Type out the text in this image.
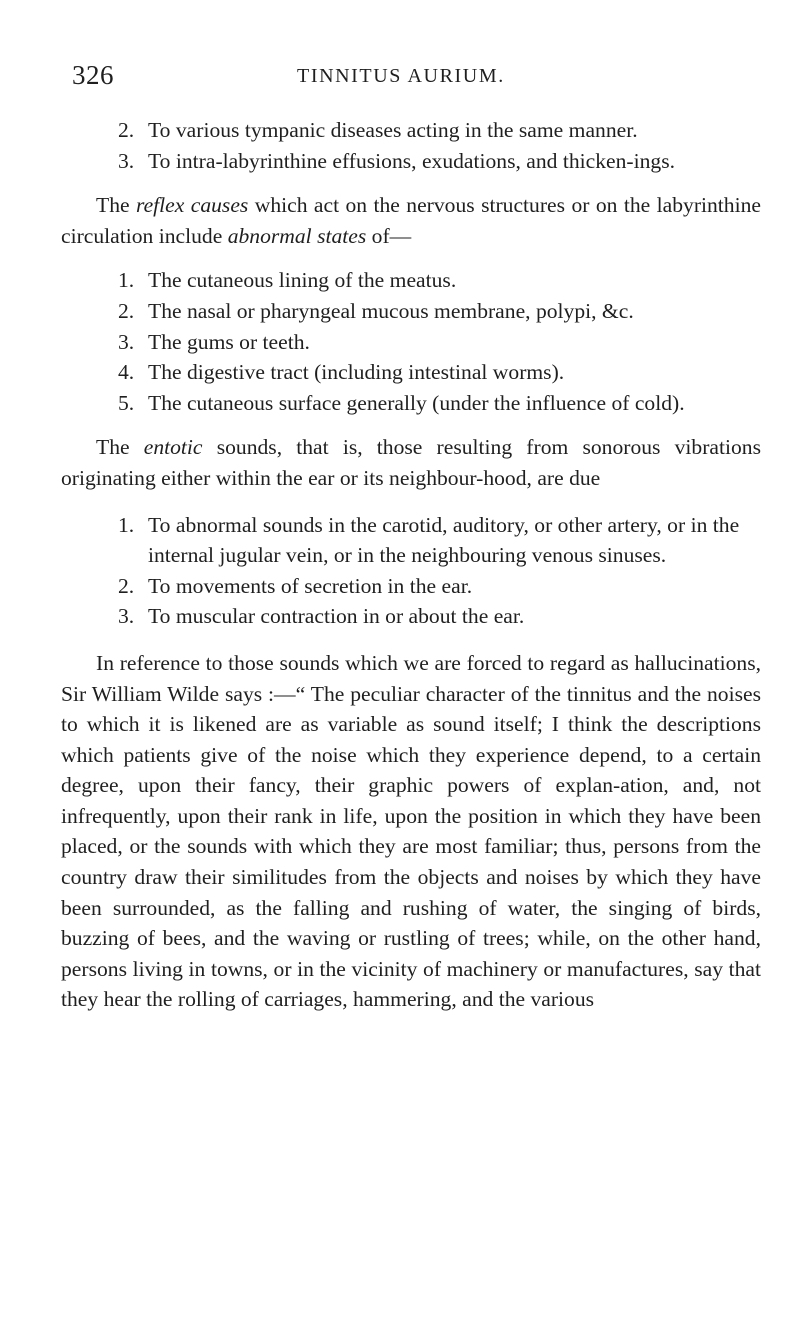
326	TINNITUS AURIUM.
2. To various tympanic diseases acting in the same manner.
3. To intra-labyrinthine effusions, exudations, and thicken-ings.

The reflex causes which act on the nervous structures or on the labyrinthine circulation include abnormal states of—

1. The cutaneous lining of the meatus.
2. The nasal or pharyngeal mucous membrane, polypi, &c.
3. The gums or teeth.
4. The digestive tract (including intestinal worms).
5. The cutaneous surface generally (under the influence of cold).

The entotic sounds, that is, those resulting from sonorous vibrations originating either within the ear or its neighbour-hood, are due

1. To abnormal sounds in the carotid, auditory, or other artery, or in the internal jugular vein, or in the neighbouring venous sinuses.
2. To movements of secretion in the ear.
3. To muscular contraction in or about the ear.

In reference to those sounds which we are forced to regard as hallucinations, Sir William Wilde says :—“ The peculiar character of the tinnitus and the noises to which it is likened are as variable as sound itself; I think the descriptions which patients give of the noise which they experience depend, to a certain degree, upon their fancy, their graphic powers of explan-ation, and, not infrequently, upon their rank in life, upon the position in which they have been placed, or the sounds with which they are most familiar; thus, persons from the country draw their similitudes from the objects and noises by which they have been surrounded, as the falling and rushing of water, the singing of birds, buzzing of bees, and the waving or rustling of trees; while, on the other hand, persons living in towns, or in the vicinity of machinery or manufactures, say that they hear the rolling of carriages, hammering, and the various
